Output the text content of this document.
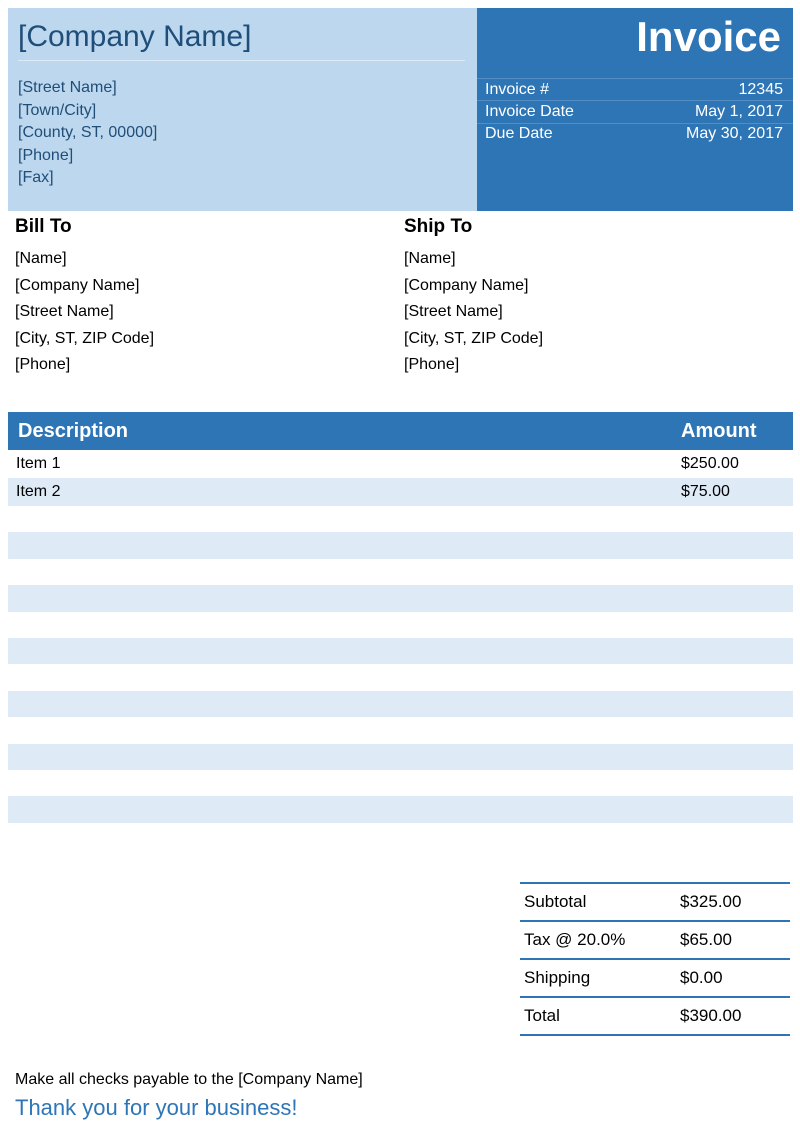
[Company Name]
[Street Name]
[Town/City]
[County, ST, 00000]
[Phone]
[Fax]
Invoice
Invoice #	12345
Invoice Date	May 1, 2017
Due Date	May 30, 2017
Bill To
[Name]
[Company Name]
[Street Name]
[City, ST, ZIP Code]
[Phone]
Ship To
[Name]
[Company Name]
[Street Name]
[City, ST, ZIP Code]
[Phone]
Description	Amount
Item 1	$250.00
Item 2	$75.00
Subtotal	$325.00
Tax @ 20.0%	$65.00
Shipping	$0.00
Total	$390.00
Make all checks payable to the [Company Name]
Thank you for your business!
